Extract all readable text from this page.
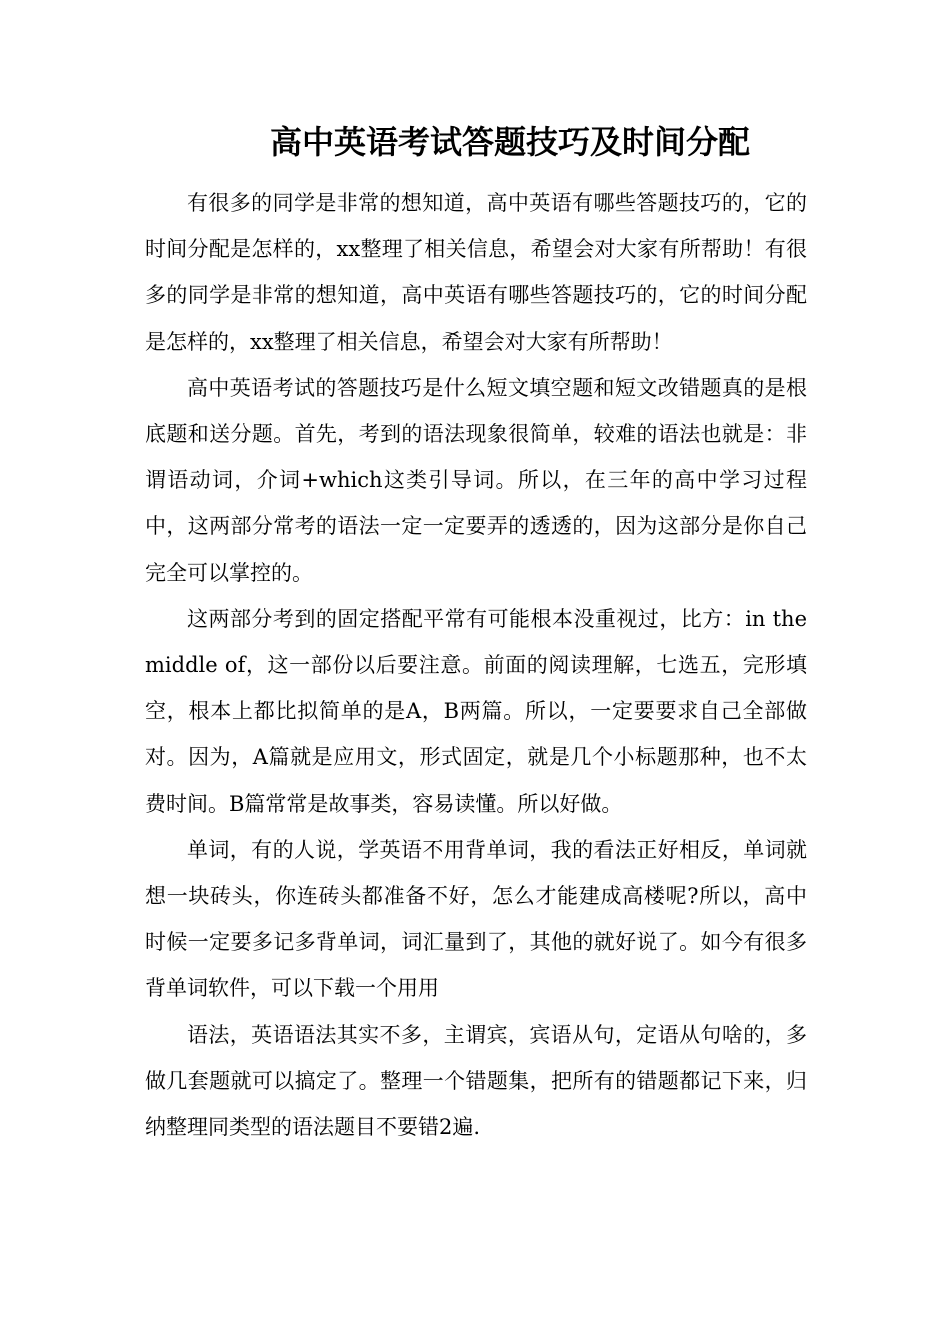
高中英语考试答题技巧及时间分配

有很多的同学是非常的想知道，高中英语有哪些答题技巧的，它的时间分配是怎样的，xx整理了相关信息，希望会对大家有所帮助！有很多的同学是非常的想知道，高中英语有哪些答题技巧的，它的时间分配是怎样的，xx整理了相关信息，希望会对大家有所帮助！

高中英语考试的答题技巧是什么短文填空题和短文改错题真的是根底题和送分题。首先，考到的语法现象很简单，较难的语法也就是：非谓语动词，介词+which这类引导词。所以，在三年的高中学习过程中，这两部分常考的语法一定一定要弄的透透的，因为这部分是你自己完全可以掌控的。

这两部分考到的固定搭配平常有可能根本没重视过，比方：in the middle of，这一部份以后要注意。前面的阅读理解，七选五，完形填空，根本上都比拟简单的是A，B两篇。所以，一定要要求自己全部做对。因为，A篇就是应用文，形式固定，就是几个小标题那种，也不太费时间。B篇常常是故事类，容易读懂。所以好做。

单词，有的人说，学英语不用背单词，我的看法正好相反，单词就想一块砖头，你连砖头都准备不好，怎么才能建成高楼呢?所以，高中时候一定要多记多背单词，词汇量到了，其他的就好说了。如今有很多背单词软件，可以下载一个用用

语法，英语语法其实不多，主谓宾，宾语从句，定语从句啥的，多做几套题就可以搞定了。整理一个错题集，把所有的错题都记下来，归纳整理同类型的语法题目不要错2遍.
